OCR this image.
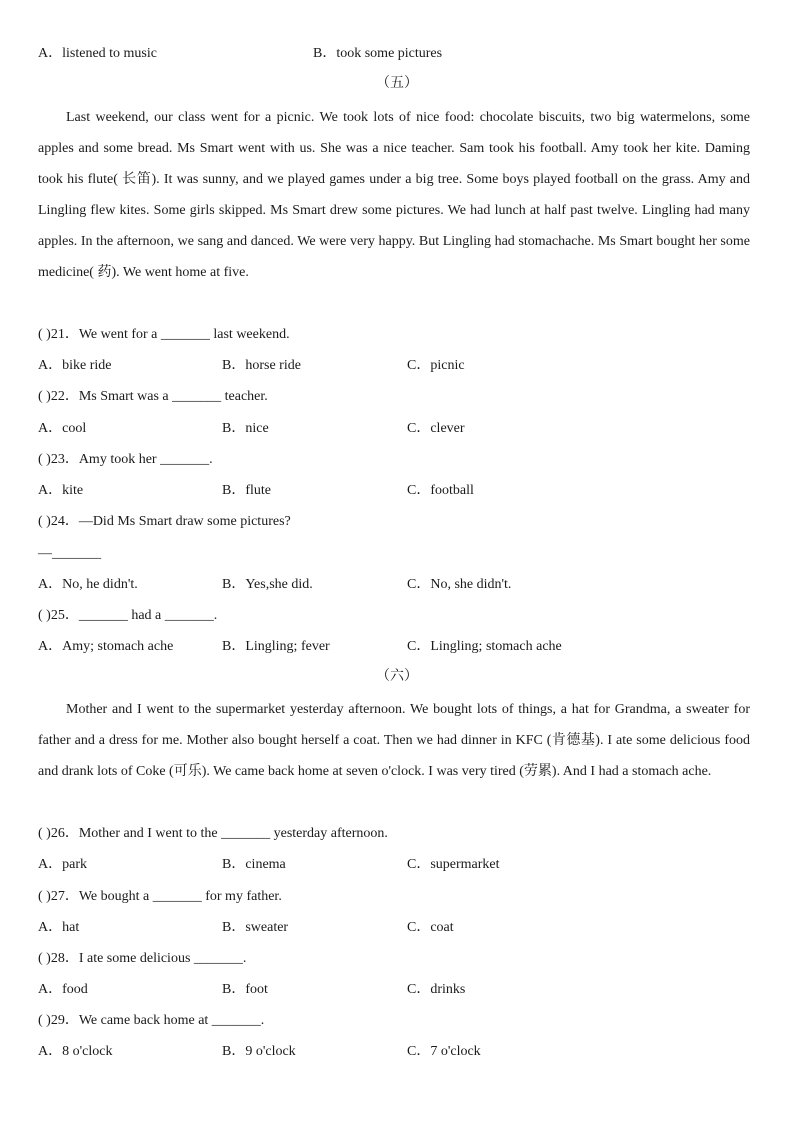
A．listened to music	B．took some pictures
（五）

Last weekend, our class went for a picnic. We took lots of nice food: chocolate biscuits, two big watermelons, some apples and some bread. Ms Smart went with us. She was a nice teacher. Sam took his football. Amy took her kite. Daming took his flute( 长笛). It was sunny, and we played games under a big tree. Some boys played football on the grass. Amy and Lingling flew kites. Some girls skipped. Ms Smart drew some pictures. We had lunch at half past twelve. Lingling had many apples. In the afternoon, we sang and danced. We were very happy. But Lingling had stomachache. Ms Smart bought her some medicine( 药). We went home at five.

( )21．We went for a _______ last weekend.
A．bike ride	B．horse ride	C．picnic
( )22．Ms Smart was a _______ teacher.
A．cool	B．nice	C．clever
( )23．Amy took her _______.
A．kite	B．flute	C．football
( )24．—Did Ms Smart draw some pictures?
—_______
A．No, he didn't.	B．Yes,she did.	C．No, she didn't.
( )25．_______ had a _______.
A．Amy; stomach ache	B．Lingling; fever	C．Lingling; stomach ache
（六）

Mother and I went to the supermarket yesterday afternoon. We bought lots of things, a hat for Grandma, a sweater for father and a dress for me. Mother also bought herself a coat. Then we had dinner in KFC (肯德基). I ate some delicious food and drank lots of Coke (可乐). We came back home at seven o'clock. I was very tired (劳累). And I had a stomach ache.

( )26．Mother and I went to the _______ yesterday afternoon.
A．park	B．cinema	C．supermarket
( )27．We bought a _______ for my father.
A．hat	B．sweater	C．coat
( )28．I ate some delicious _______.
A．food	B．foot	C．drinks
( )29．We came back home at _______.
A．8 o'clock	B．9 o'clock	C．7 o'clock
